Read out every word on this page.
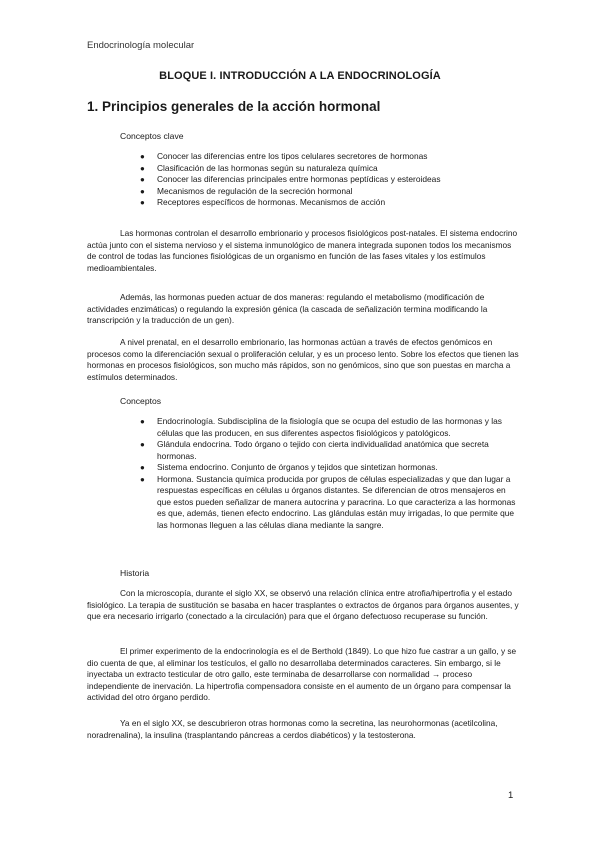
Endocrinología molecular
BLOQUE I. INTRODUCCIÓN A LA ENDOCRINOLOGÍA
1. Principios generales de la acción hormonal
Conceptos clave
● Conocer las diferencias entre los tipos celulares secretores de hormonas
● Clasificación de las hormonas según su naturaleza química
● Conocer las diferencias principales entre hormonas peptídicas y esteroideas
● Mecanismos de regulación de la secreción hormonal
● Receptores específicos de hormonas. Mecanismos de acción

Las hormonas controlan el desarrollo embrionario y procesos fisiológicos post-natales. El sistema endocrino actúa junto con el sistema nervioso y el sistema inmunológico de manera integrada suponen todos los mecanismos de control de todas las funciones fisiológicas de un organismo en función de las fases vitales y los estímulos medioambientales.

Además, las hormonas pueden actuar de dos maneras: regulando el metabolismo (modificación de actividades enzimáticas) o regulando la expresión génica (la cascada de señalización termina modificando la transcripción y la traducción de un gen).

A nivel prenatal, en el desarrollo embrionario, las hormonas actúan a través de efectos genómicos en procesos como la diferenciación sexual o proliferación celular, y es un proceso lento. Sobre los efectos que tienen las hormonas en procesos fisiológicos, son mucho más rápidos, son no genómicos, sino que son puestas en marcha a estímulos determinados.

Conceptos
● Endocrinología. Subdisciplina de la fisiología que se ocupa del estudio de las hormonas y las células que las producen, en sus diferentes aspectos fisiológicos y patológicos.

● Glándula endocrina. Todo órgano o tejido con cierta individualidad anatómica que secreta hormonas.

● Sistema endocrino. Conjunto de órganos y tejidos que sintetizan hormonas.

● Hormona. Sustancia química producida por grupos de células especializadas y que dan lugar a respuestas específicas en células u órganos distantes. Se diferencian de otros mensajeros en que estos pueden señalizar de manera autocrina y paracrina. Lo que caracteriza a las hormonas es que, además, tienen efecto endocrino. Las glándulas están muy irrigadas, lo que permite que las hormonas lleguen a las células diana mediante la sangre.

Historia

Con la microscopía, durante el siglo XX, se observó una relación clínica entre atrofia/hipertrofia y el estado fisiológico. La terapia de sustitución se basaba en hacer trasplantes o extractos de órganos para órganos ausentes, y que era necesario irrigarlo (conectado a la circulación) para que el órgano defectuoso recuperase su función.

El primer experimento de la endocrinología es el de Berthold (1849). Lo que hizo fue castrar a un gallo, y se dio cuenta de que, al eliminar los testículos, el gallo no desarrollaba determinados caracteres. Sin embargo, si le inyectaba un extracto testicular de otro gallo, este terminaba de desarrollarse con normalidad → proceso independiente de inervación. La hipertrofia compensadora consiste en el aumento de un órgano para compensar la actividad del otro órgano perdido.

Ya en el siglo XX, se descubrieron otras hormonas como la secretina, las neurohormonas (acetilcolina, noradrenalina), la insulina (trasplantando páncreas a cerdos diabéticos) y la testosterona.

1
